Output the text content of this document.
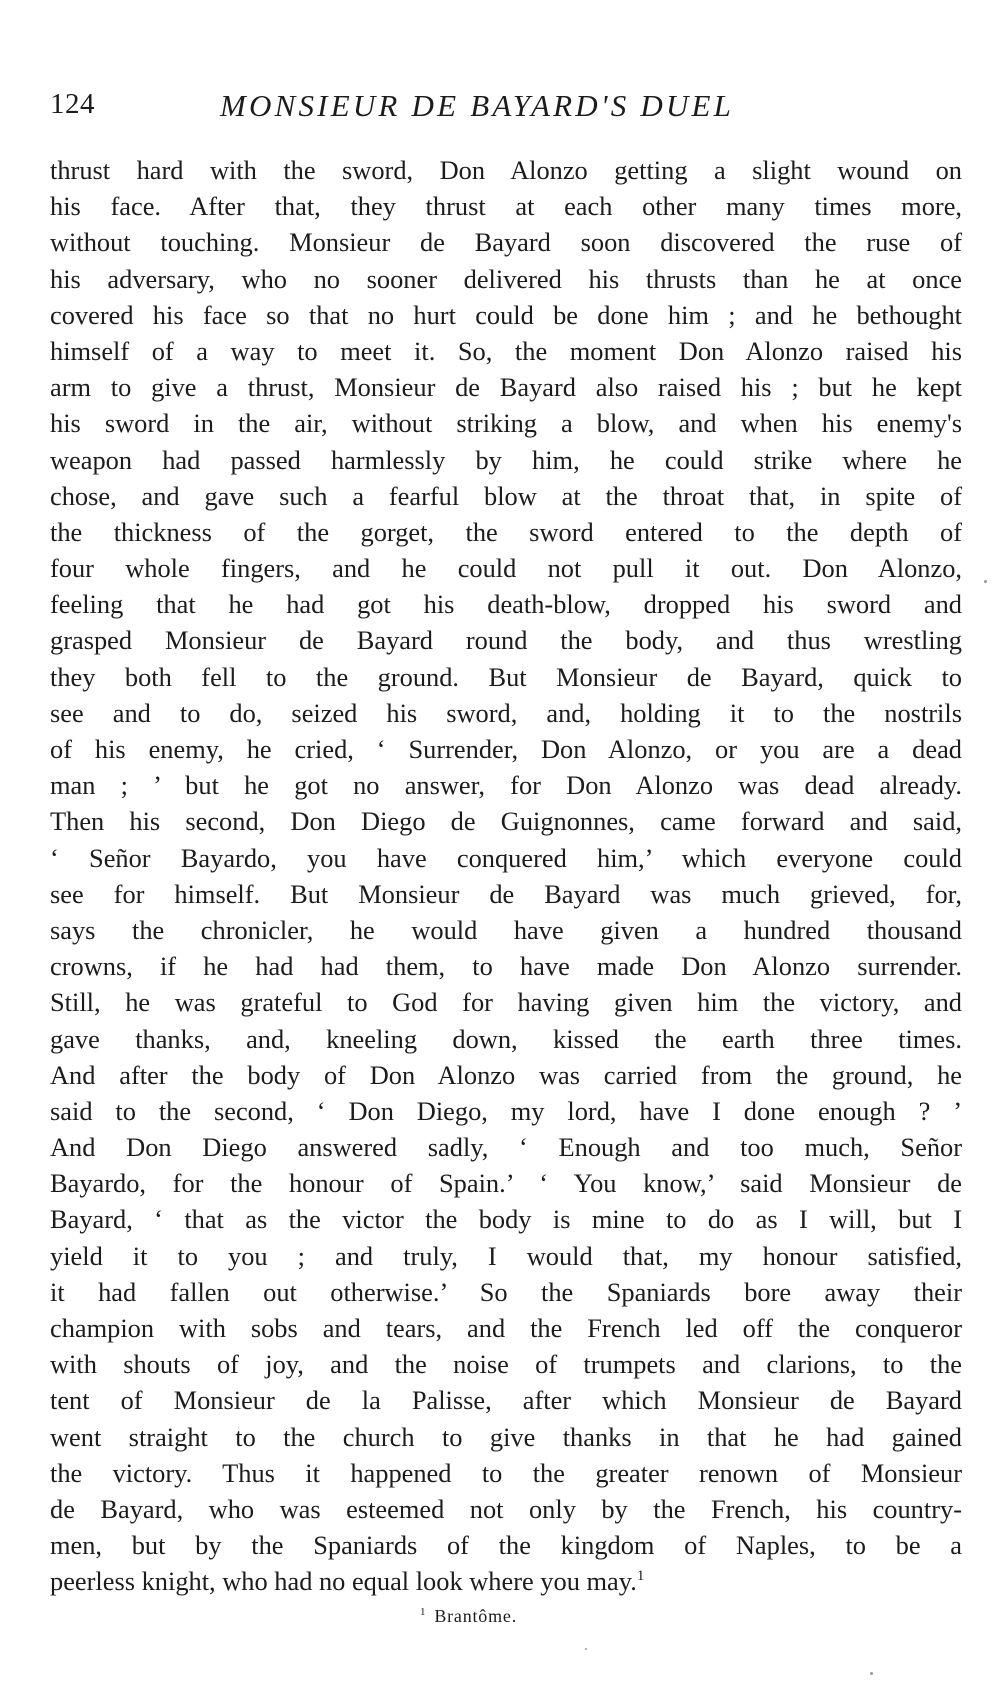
124	MONSIEUR DE BAYARD'S DUEL
thrust hard with the sword, Don Alonzo getting a slight wound on
his face. After that, they thrust at each other many times more,
without touching. Monsieur de Bayard soon discovered the ruse of
his adversary, who no sooner delivered his thrusts than he at once
covered his face so that no hurt could be done him ; and he bethought
himself of a way to meet it. So, the moment Don Alonzo raised his
arm to give a thrust, Monsieur de Bayard also raised his ; but he kept
his sword in the air, without striking a blow, and when his enemy's
weapon had passed harmlessly by him, he could strike where he
chose, and gave such a fearful blow at the throat that, in spite of
the thickness of the gorget, the sword entered to the depth of
four whole fingers, and he could not pull it out. Don Alonzo,
feeling that he had got his death-blow, dropped his sword and
grasped Monsieur de Bayard round the body, and thus wrestling
they both fell to the ground. But Monsieur de Bayard, quick to
see and to do, seized his sword, and, holding it to the nostrils
of his enemy, he cried, ‘ Surrender, Don Alonzo, or you are a dead
man ; ’ but he got no answer, for Don Alonzo was dead already.
Then his second, Don Diego de Guignonnes, came forward and said,
‘ Señor Bayardo, you have conquered him,’ which everyone could
see for himself. But Monsieur de Bayard was much grieved, for,
says the chronicler, he would have given a hundred thousand
crowns, if he had had them, to have made Don Alonzo surrender.
Still, he was grateful to God for having given him the victory, and
gave thanks, and, kneeling down, kissed the earth three times.
And after the body of Don Alonzo was carried from the ground, he
said to the second, ‘ Don Diego, my lord, have I done enough ? ’
And Don Diego answered sadly, ‘ Enough and too much, Señor
Bayardo, for the honour of Spain.’ ‘ You know,’ said Monsieur de
Bayard, ‘ that as the victor the body is mine to do as I will, but I
yield it to you ; and truly, I would that, my honour satisfied,
it had fallen out otherwise.’ So the Spaniards bore away their
champion with sobs and tears, and the French led off the conqueror
with shouts of joy, and the noise of trumpets and clarions, to the
tent of Monsieur de la Palisse, after which Monsieur de Bayard
went straight to the church to give thanks in that he had gained
the victory. Thus it happened to the greater renown of Monsieur
de Bayard, who was esteemed not only by the French, his country-
men, but by the Spaniards of the kingdom of Naples, to be a
peerless knight, who had no equal look where you may.$^1$
$^1$ Brantôme.
